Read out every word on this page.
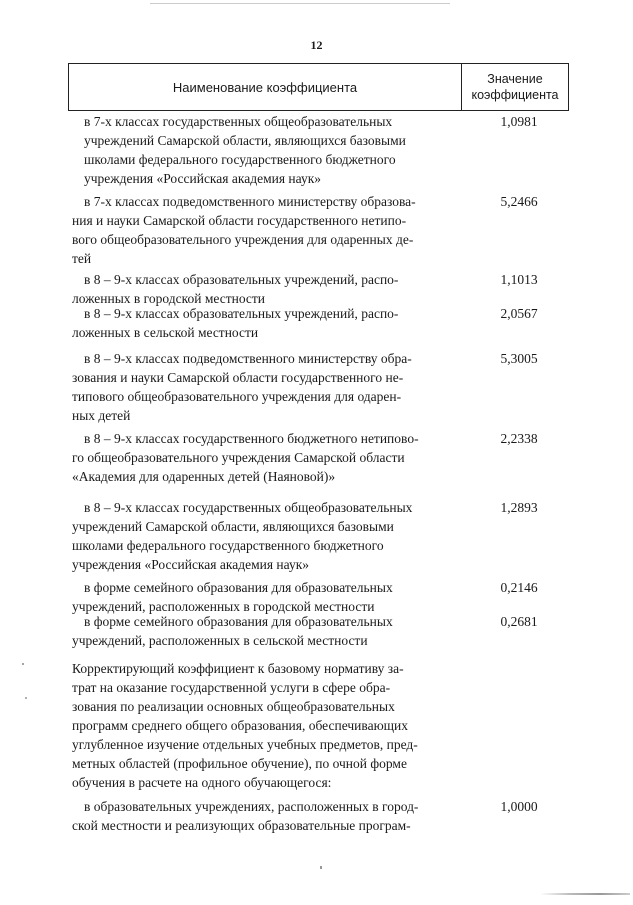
12
Наименование коэффициента
Значение
коэффициента
в 7-х классах государственных общеобразовательных
учреждений Самарской области, являющихся базовыми
школами федерального государственного бюджетного
учреждения «Российская академия наук»
1,0981
в 7-х классах подведомственного министерству образова-
ния и науки Самарской области государственного нетипо-
вого общеобразовательного учреждения для одаренных де-
тей
5,2466
в 8 – 9-х классах образовательных учреждений, распо-
ложенных в городской местности
1,1013
в 8 – 9-х классах образовательных учреждений, распо-
ложенных в сельской местности
2,0567
в 8 – 9-х классах подведомственного министерству обра-
зования и науки Самарской области государственного не-
типового общеобразовательного учреждения для одарен-
ных детей
5,3005
в 8 – 9-х классах государственного бюджетного нетипово-
го общеобразовательного учреждения Самарской области
«Академия для одаренных детей (Наяновой)»
2,2338
в 8 – 9-х классах государственных общеобразовательных
учреждений Самарской области, являющихся базовыми
школами федерального государственного бюджетного
учреждения «Российская академия наук»
1,2893
в форме семейного образования для образовательных
учреждений, расположенных в городской местности
0,2146
в форме семейного образования для образовательных
учреждений, расположенных в сельской местности
0,2681
Корректирующий коэффициент к базовому нормативу за-
трат на оказание государственной услуги в сфере обра-
зования по реализации основных общеобразовательных
программ среднего общего образования, обеспечивающих
углубленное изучение отдельных учебных предметов, пред-
метных областей (профильное обучение), по очной форме
обучения в расчете на одного обучающегося:
в образовательных учреждениях, расположенных в город-
ской местности и реализующих образовательные програм-
1,0000
